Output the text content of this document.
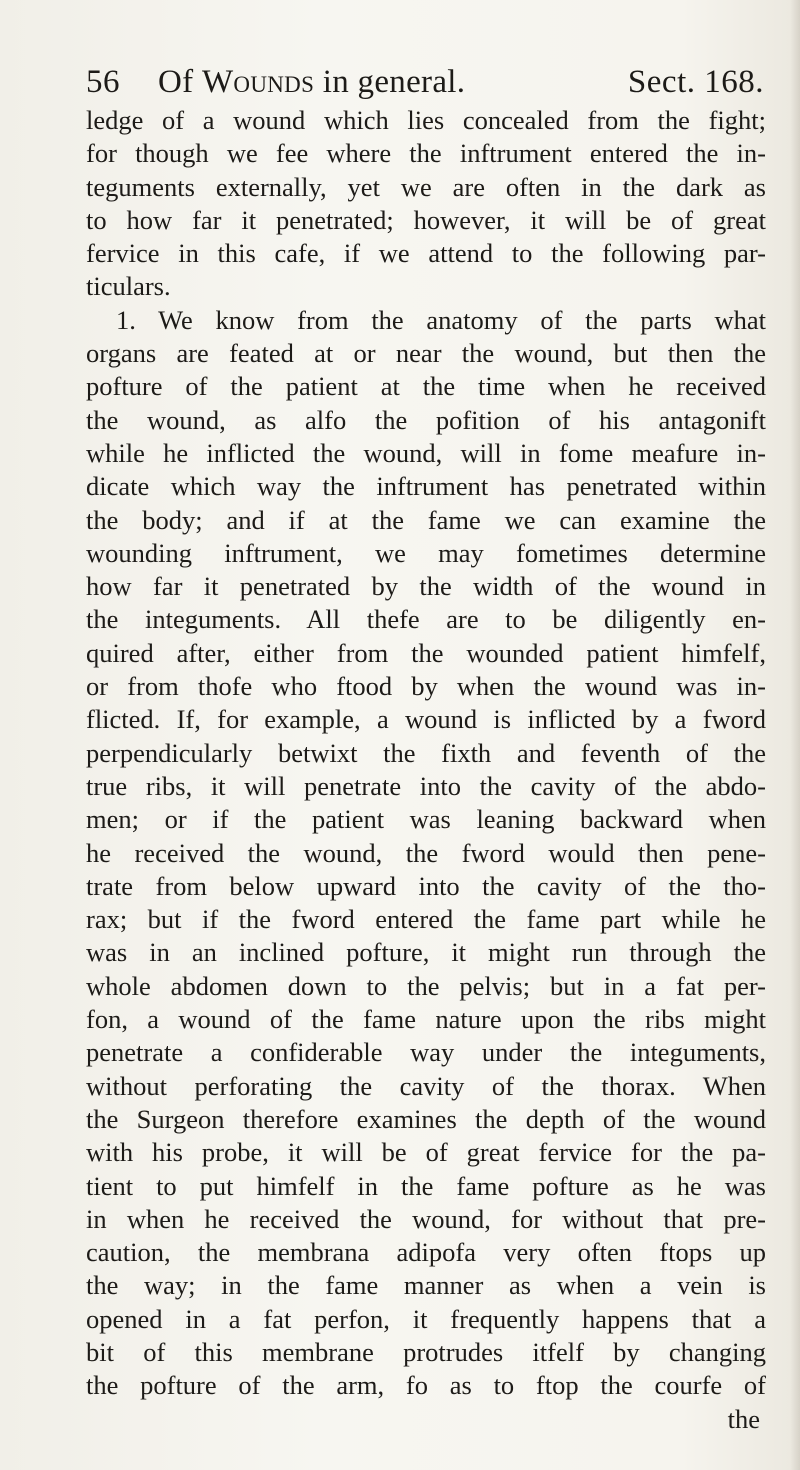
56	Of Wounds in general.	Sect. 168.
ledge of a wound which lies concealed from the fight;
for though we fee where the inftrument entered the in-
teguments externally, yet we are often in the dark as
to how far it penetrated; however, it will be of great
fervice in this cafe, if we attend to the following par-
ticulars.
1. We know from the anatomy of the parts what
organs are feated at or near the wound, but then the
pofture of the patient at the time when he received
the wound, as alfo the pofition of his antagonift
while he inflicted the wound, will in fome meafure in-
dicate which way the inftrument has penetrated within
the body; and if at the fame we can examine the
wounding inftrument, we may fometimes determine
how far it penetrated by the width of the wound in
the integuments. All thefe are to be diligently en-
quired after, either from the wounded patient himfelf,
or from thofe who ftood by when the wound was in-
flicted. If, for example, a wound is inflicted by a fword
perpendicularly betwixt the fixth and feventh of the
true ribs, it will penetrate into the cavity of the abdo-
men; or if the patient was leaning backward when
he received the wound, the fword would then pene-
trate from below upward into the cavity of the tho-
rax; but if the fword entered the fame part while he
was in an inclined pofture, it might run through the
whole abdomen down to the pelvis; but in a fat per-
fon, a wound of the fame nature upon the ribs might
penetrate a confiderable way under the integuments,
without perforating the cavity of the thorax. When
the Surgeon therefore examines the depth of the wound
with his probe, it will be of great fervice for the pa-
tient to put himfelf in the fame pofture as he was
in when he received the wound, for without that pre-
caution, the membrana adipofa very often ftops up
the way; in the fame manner as when a vein is
opened in a fat perfon, it frequently happens that a
bit of this membrane protrudes itfelf by changing
the pofture of the arm, fo as to ftop the courfe of
the
